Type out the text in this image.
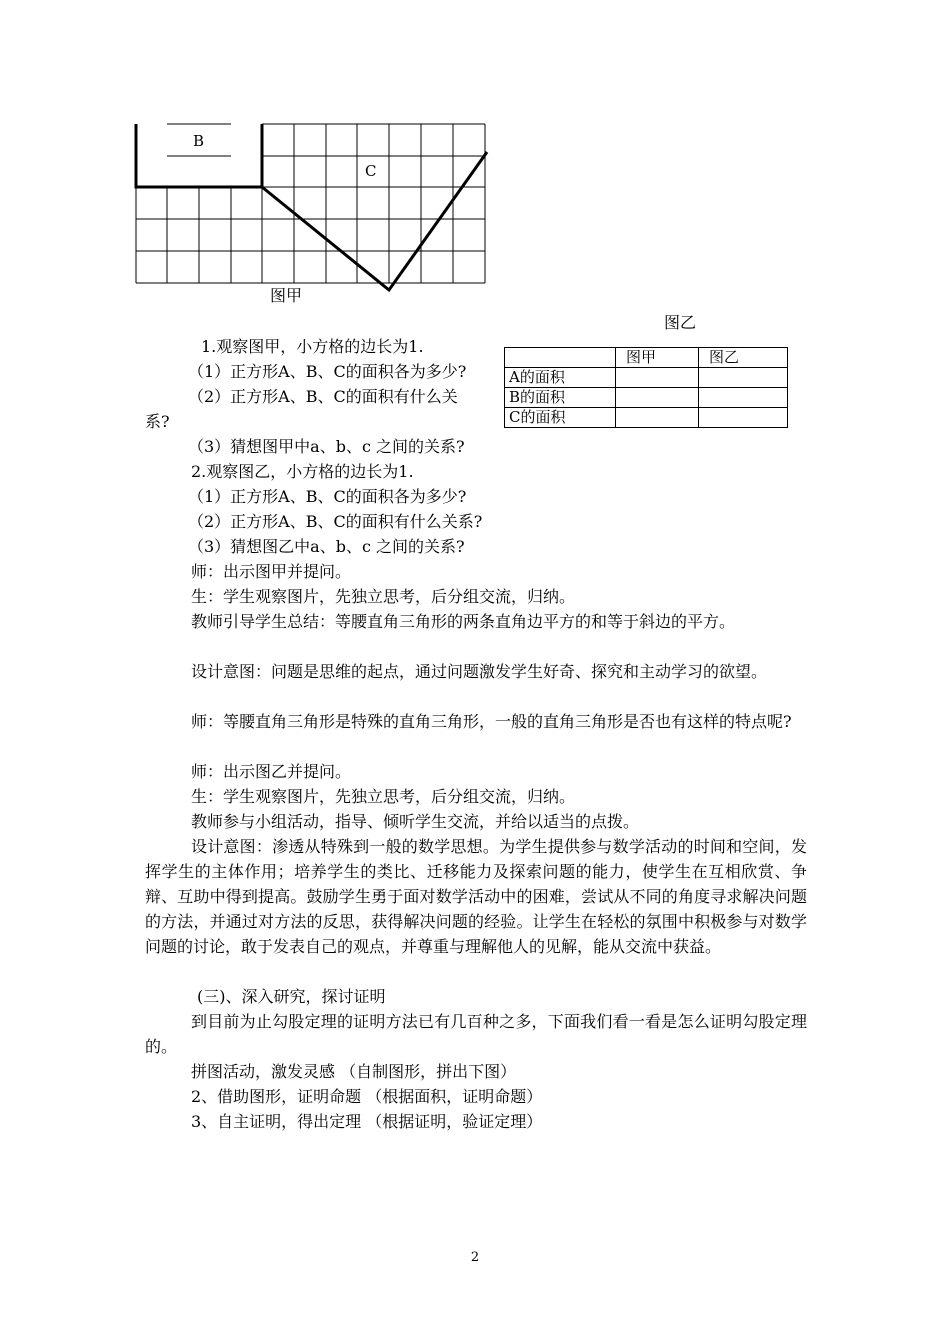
B
C
图甲
图乙
	图甲	图乙
A的面积		
B的面积		
C的面积		
1.观察图甲，小方格的边长为1.
（1）正方形A、B、C的面积各为多少?
（2）正方形A、B、C的面积有什么关
系?
（3）猜想图甲中a、b、c 之间的关系?
2.观察图乙，小方格的边长为1.
（1）正方形A、B、C的面积各为多少?
（2）正方形A、B、C的面积有什么关系?
（3）猜想图乙中a、b、c 之间的关系?
师：出示图甲并提问。
生：学生观察图片，先独立思考，后分组交流，归纳。
教师引导学生总结：等腰直角三角形的两条直角边平方的和等于斜边的平方。
设计意图：问题是思维的起点，通过问题激发学生好奇、探究和主动学习的欲望。
师：等腰直角三角形是特殊的直角三角形，一般的直角三角形是否也有这样的特点呢?
师：出示图乙并提问。
生：学生观察图片，先独立思考，后分组交流，归纳。
教师参与小组活动，指导、倾听学生交流，并给以适当的点拨。
设计意图：渗透从特殊到一般的数学思想。为学生提供参与数学活动的时间和空间，发挥学生的主体作用；培养学生的类比、迁移能力及探索问题的能力，使学生在互相欣赏、争辩、互助中得到提高。鼓励学生勇于面对数学活动中的困难，尝试从不同的角度寻求解决问题的方法，并通过对方法的反思，获得解决问题的经验。让学生在轻松的氛围中积极参与对数学问题的讨论，敢于发表自己的观点，并尊重与理解他人的见解，能从交流中获益。
(三)、深入研究，探讨证明
到目前为止勾股定理的证明方法已有几百种之多，下面我们看一看是怎么证明勾股定理的。
拼图活动，激发灵感 （自制图形，拼出下图）
2、借助图形，证明命题 （根据面积，证明命题）
3、自主证明，得出定理 （根据证明，验证定理）
2
